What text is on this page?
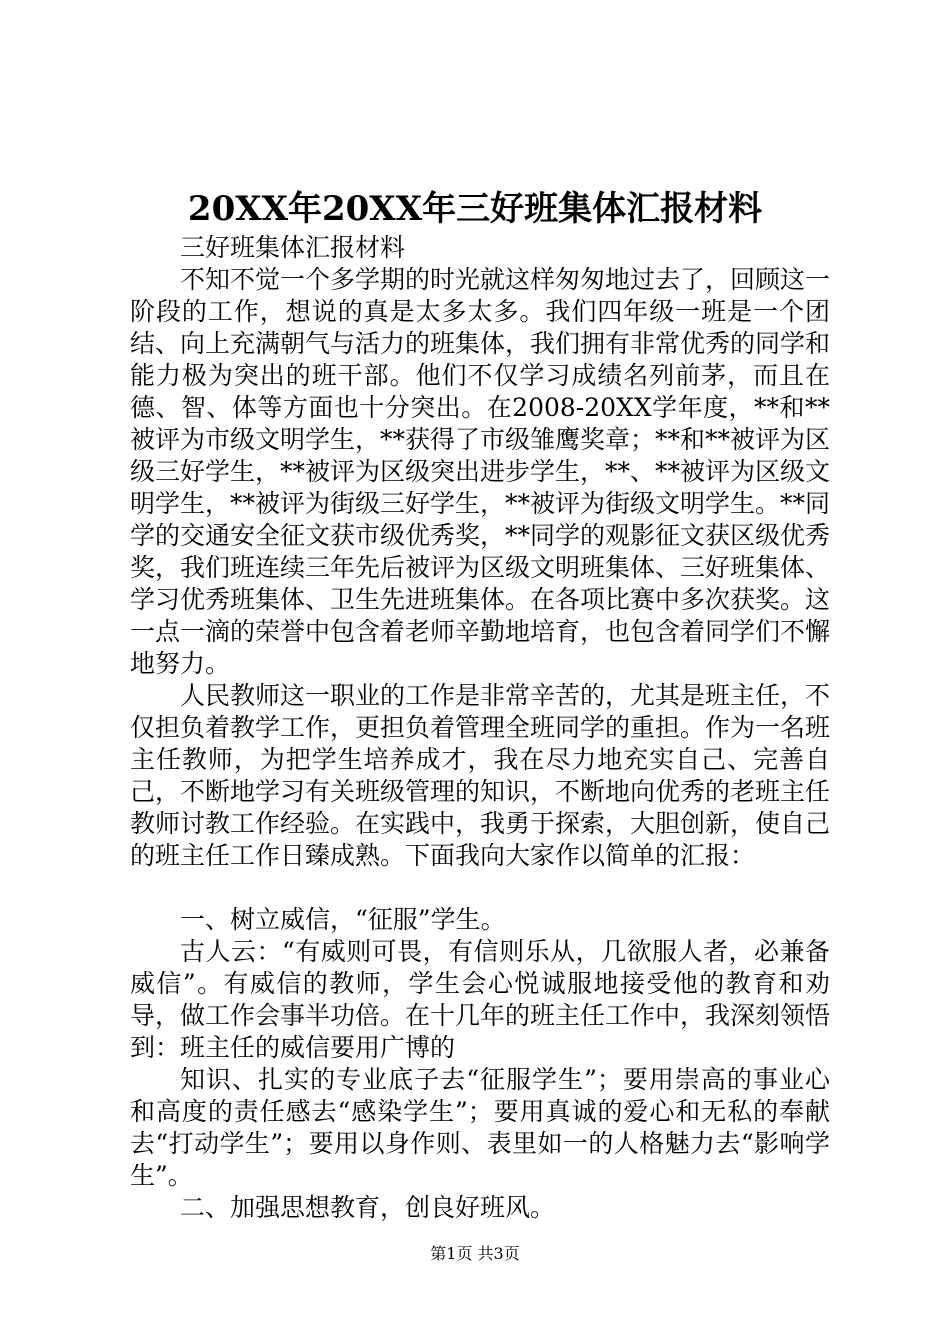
20XX年20XX年三好班集体汇报材料

三好班集体汇报材料

不知不觉一个多学期的时光就这样匆匆地过去了，回顾这一阶段的工作，想说的真是太多太多。我们四年级一班是一个团结、向上充满朝气与活力的班集体，我们拥有非常优秀的同学和能力极为突出的班干部。他们不仅学习成绩名列前茅，而且在德、智、体等方面也十分突出。在2008-20XX学年度，**和**被评为市级文明学生，**获得了市级雏鹰奖章；**和**被评为区级三好学生，**被评为区级突出进步学生，**、**被评为区级文明学生，**被评为街级三好学生，**被评为街级文明学生。**同学的交通安全征文获市级优秀奖，**同学的观影征文获区级优秀奖，我们班连续三年先后被评为区级文明班集体、三好班集体、学习优秀班集体、卫生先进班集体。在各项比赛中多次获奖。这一点一滴的荣誉中包含着老师辛勤地培育，也包含着同学们不懈地努力。

人民教师这一职业的工作是非常辛苦的，尤其是班主任，不仅担负着教学工作，更担负着管理全班同学的重担。作为一名班主任教师，为把学生培养成才，我在尽力地充实自己、完善自己，不断地学习有关班级管理的知识，不断地向优秀的老班主任教师讨教工作经验。在实践中，我勇于探索，大胆创新，使自己的班主任工作日臻成熟。下面我向大家作以简单的汇报：

一、树立威信，“征服”学生。

古人云：“有威则可畏，有信则乐从，几欲服人者，必兼备威信”。有威信的教师，学生会心悦诚服地接受他的教育和劝导，做工作会事半功倍。在十几年的班主任工作中，我深刻领悟到：班主任的威信要用广博的

知识、扎实的专业底子去“征服学生”；要用崇高的事业心和高度的责任感去“感染学生”；要用真诚的爱心和无私的奉献去“打动学生”；要用以身作则、表里如一的人格魅力去“影响学生”。

二、加强思想教育，创良好班风。

第1页 共3页
